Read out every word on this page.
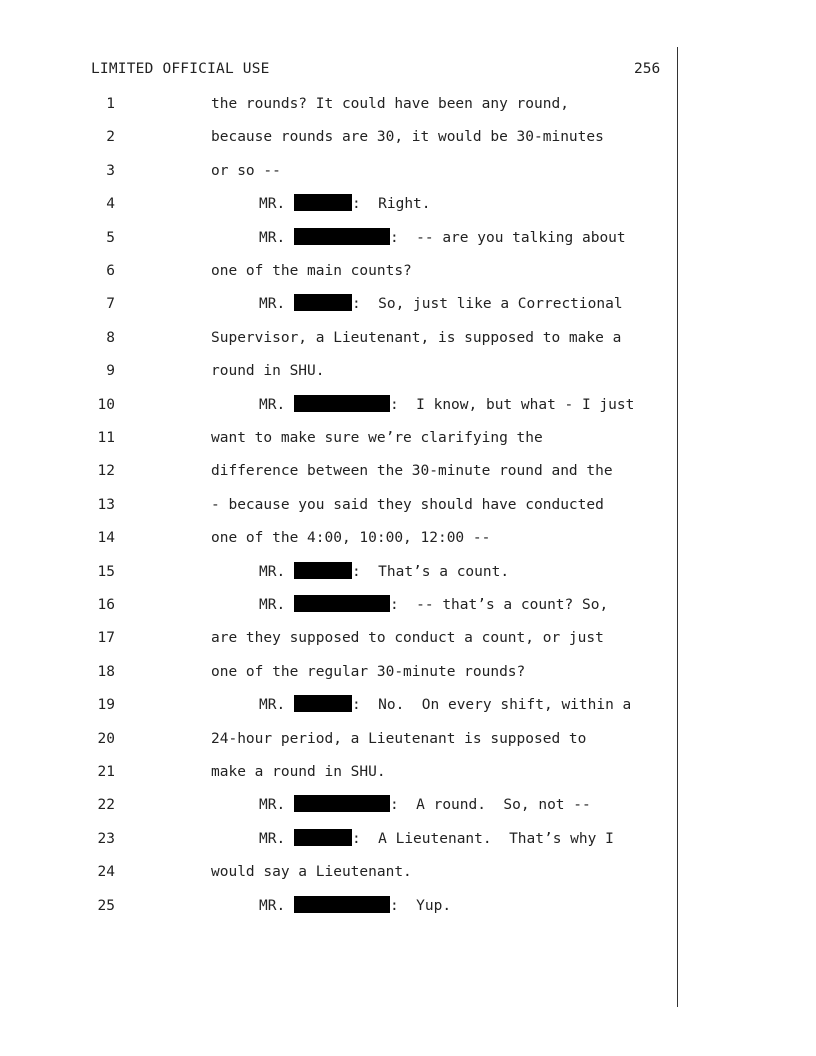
LIMITED OFFICIAL USE	256
1	the rounds? It could have been any round,
2	because rounds are 30, it would be 30-minutes
3	or so --
4	MR.	:  Right.
5	MR.	:  -- are you talking about
6	one of the main counts?
7	MR.	:  So, just like a Correctional
8	Supervisor, a Lieutenant, is supposed to make a
9	round in SHU.
10	MR.	:  I know, but what - I just
11	want to make sure we’re clarifying the
12	difference between the 30-minute round and the
13	- because you said they should have conducted
14	one of the 4:00, 10:00, 12:00 --
15	MR.	:  That’s a count.
16	MR.	:  -- that’s a count? So,
17	are they supposed to conduct a count, or just
18	one of the regular 30-minute rounds?
19	MR.	:  No.  On every shift, within a
20	24-hour period, a Lieutenant is supposed to
21	make a round in SHU.
22	MR.	:  A round.  So, not --
23	MR.	:  A Lieutenant.  That’s why I
24	would say a Lieutenant.
25	MR.	:  Yup.
